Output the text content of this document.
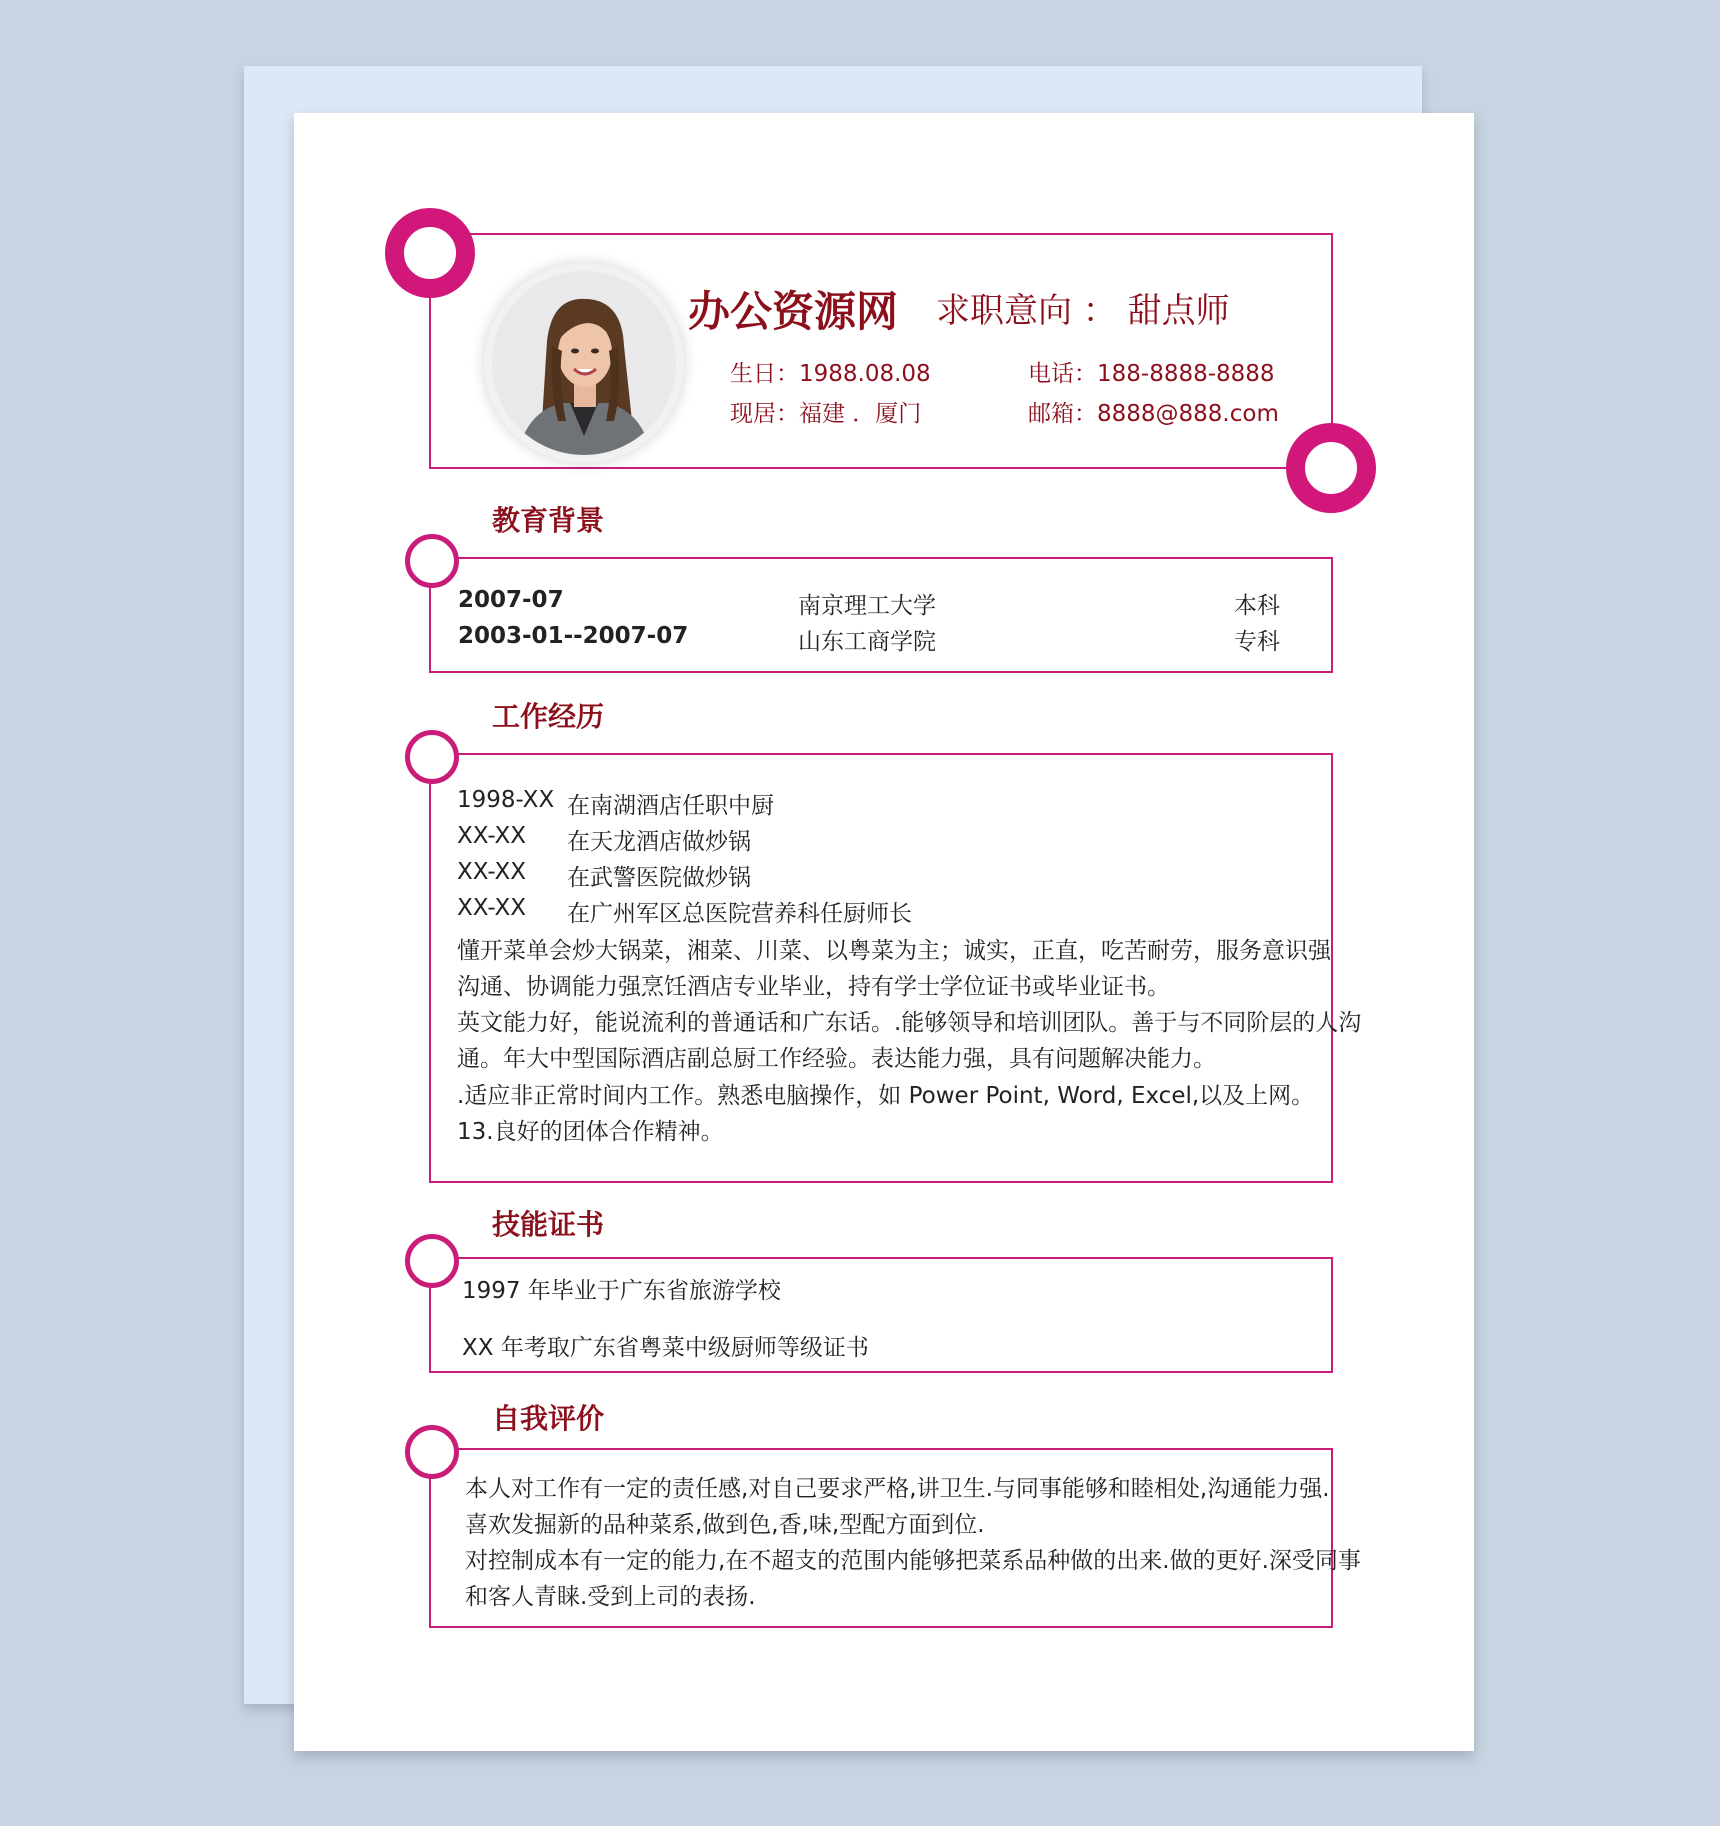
办公资源网 求职意向 ： 甜点师
生日：1988.08.08
现居：福建 ．厦门
电话：188-8888-8888
邮箱：8888@888.com
教育背景
2007-07	南京理工大学	本科
2003-01--2007-07	山东工商学院	专科
工作经历
1998-XX 在南湖酒店任职中厨
XX-XX 在天龙酒店做炒锅
XX-XX 在武警医院做炒锅
XX-XX 在广州军区总医院营养科任厨师长
懂开菜单会炒大锅菜，湘菜、川菜、以粤菜为主；诚实，正直，吃苦耐劳，服务意识强
沟通、协调能力强烹饪酒店专业毕业，持有学士学位证书或毕业证书。
英文能力好，能说流利的普通话和广东话。.能够领导和培训团队。善于与不同阶层的人沟
通。年大中型国际酒店副总厨工作经验。表达能力强，具有问题解决能力。
.适应非正常时间内工作。熟悉电脑操作，如 Power Point, Word, Excel,以及上网。
13.良好的团体合作精神。
技能证书
1997 年毕业于广东省旅游学校
XX 年考取广东省粤菜中级厨师等级证书
自我评价
本人对工作有一定的责任感,对自己要求严格,讲卫生.与同事能够和睦相处,沟通能力强.
喜欢发掘新的品种菜系,做到色,香,味,型配方面到位.
对控制成本有一定的能力,在不超支的范围内能够把菜系品种做的出来.做的更好.深受同事
和客人青睐.受到上司的表扬.
